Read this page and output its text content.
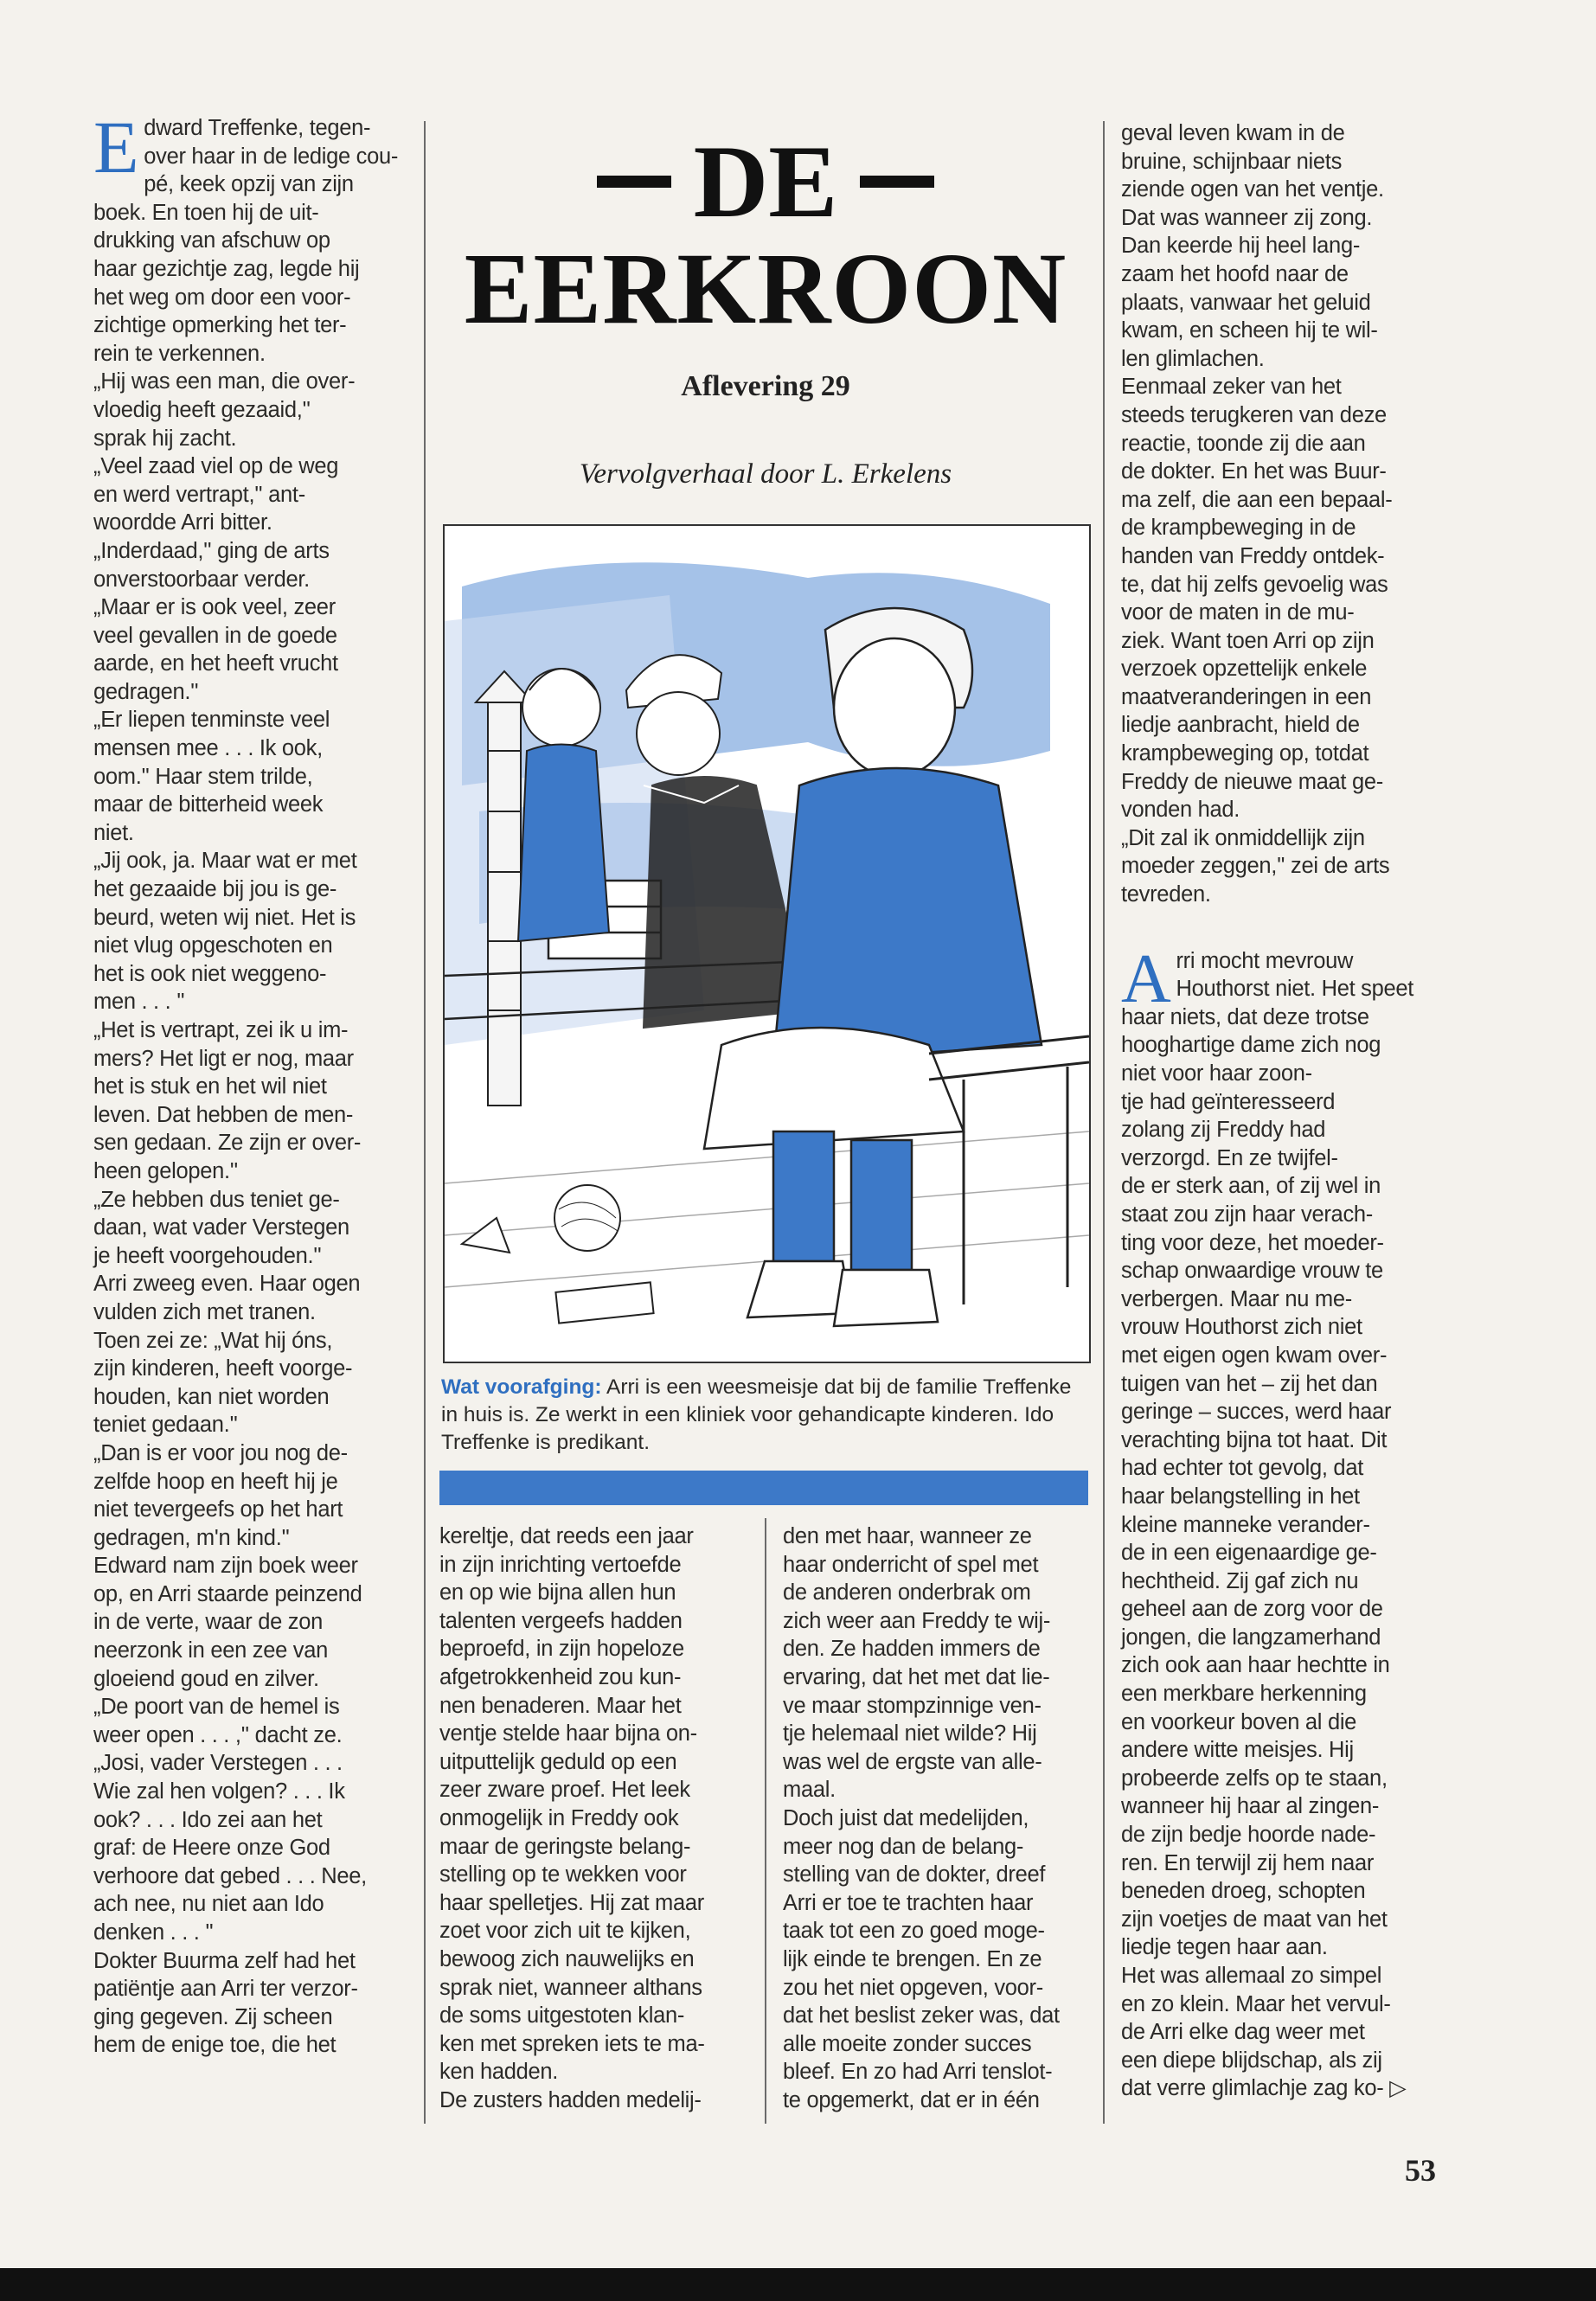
Edward Treffenke, tegen-
over haar in de ledige cou-
pé, keek opzij van zijn
boek. En toen hij de uit-
drukking van afschuw op
haar gezichtje zag, legde hij
het weg om door een voor-
zichtige opmerking het ter-
rein te verkennen.
„Hij was een man, die over-
vloedig heeft gezaaid,''
sprak hij zacht.
„Veel zaad viel op de weg
en werd vertrapt,'' ant-
woordde Arri bitter.
„Inderdaad,'' ging de arts
onverstoorbaar verder.
„Maar er is ook veel, zeer
veel gevallen in de goede
aarde, en het heeft vrucht
gedragen.''
„Er liepen tenminste veel
mensen mee . . . Ik ook,
oom.'' Haar stem trilde,
maar de bitterheid week
niet.
„Jij ook, ja. Maar wat er met
het gezaaide bij jou is ge-
beurd, weten wij niet. Het is
niet vlug opgeschoten en
het is ook niet weggeno-
men . . . ''
„Het is vertrapt, zei ik u im-
mers? Het ligt er nog, maar
het is stuk en het wil niet
leven. Dat hebben de men-
sen gedaan. Ze zijn er over-
heen gelopen.''
„Ze hebben dus teniet ge-
daan, wat vader Verstegen
je heeft voorgehouden.''
Arri zweeg even. Haar ogen
vulden zich met tranen.
Toen zei ze: „Wat hij óns,
zijn kinderen, heeft voorge-
houden, kan niet worden
teniet gedaan.''
„Dan is er voor jou nog de-
zelfde hoop en heeft hij je
niet tevergeefs op het hart
gedragen, m'n kind.''
Edward nam zijn boek weer
op, en Arri staarde peinzend
in de verte, waar de zon
neerzonk in een zee van
gloeiend goud en zilver.
„De poort van de hemel is
weer open . . . ,'' dacht ze.
„Josi, vader Verstegen . . .
Wie zal hen volgen? . . . Ik
ook? . . . Ido zei aan het
graf: de Heere onze God
verhoore dat gebed . . . Nee,
ach nee, nu niet aan Ido
denken . . . ''
Dokter Buurma zelf had het
patiëntje aan Arri ter verzor-
ging gegeven. Zij scheen
hem de enige toe, die het
DE
EERKROON
Aflevering 29
Vervolgverhaal door L. Erkelens
Wat voorafging: Arri is een weesmeisje dat bij de familie Treffenke in huis is. Ze werkt in een kliniek voor gehandicapte kinderen. Ido Treffenke is predikant.
kereltje, dat reeds een jaar
in zijn inrichting vertoefde
en op wie bijna allen hun
talenten vergeefs hadden
beproefd, in zijn hopeloze
afgetrokkenheid zou kun-
nen benaderen. Maar het
ventje stelde haar bijna on-
uitputtelijk geduld op een
zeer zware proef. Het leek
onmogelijk in Freddy ook
maar de geringste belang-
stelling op te wekken voor
haar spelletjes. Hij zat maar
zoet voor zich uit te kijken,
bewoog zich nauwelijks en
sprak niet, wanneer althans
de soms uitgestoten klan-
ken met spreken iets te ma-
ken hadden.
De zusters hadden medelij-
den met haar, wanneer ze
haar onderricht of spel met
de anderen onderbrak om
zich weer aan Freddy te wij-
den. Ze hadden immers de
ervaring, dat het met dat lie-
ve maar stompzinnige ven-
tje helemaal niet wilde? Hij
was wel de ergste van alle-
maal.
Doch juist dat medelijden,
meer nog dan de belang-
stelling van de dokter, dreef
Arri er toe te trachten haar
taak tot een zo goed moge-
lijk einde te brengen. En ze
zou het niet opgeven, voor-
dat het beslist zeker was, dat
alle moeite zonder succes
bleef. En zo had Arri tenslot-
te opgemerkt, dat er in één
geval leven kwam in de
bruine, schijnbaar niets
ziende ogen van het ventje.
Dat was wanneer zij zong.
Dan keerde hij heel lang-
zaam het hoofd naar de
plaats, vanwaar het geluid
kwam, en scheen hij te wil-
len glimlachen.
Eenmaal zeker van het
steeds terugkeren van deze
reactie, toonde zij die aan
de dokter. En het was Buur-
ma zelf, die aan een bepaal-
de krampbeweging in de
handen van Freddy ontdek-
te, dat hij zelfs gevoelig was
voor de maten in de mu-
ziek. Want toen Arri op zijn
verzoek opzettelijk enkele
maatveranderingen in een
liedje aanbracht, hield de
krampbeweging op, totdat
Freddy de nieuwe maat ge-
vonden had.
„Dit zal ik onmiddellijk zijn
moeder zeggen,'' zei de arts
tevreden.

A rri mocht mevrouw
Houthorst niet. Het speet
haar niets, dat deze trotse
hooghartige dame zich nog
niet voor haar zoon-
tje had geïnteresseerd
zolang zij Freddy had
verzorgd. En ze twijfel-
de er sterk aan, of zij wel in
staat zou zijn haar verach-
ting voor deze, het moeder-
schap onwaardige vrouw te
verbergen. Maar nu me-
vrouw Houthorst zich niet
met eigen ogen kwam over-
tuigen van het – zij het dan
geringe – succes, werd haar
verachting bijna tot haat. Dit
had echter tot gevolg, dat
haar belangstelling in het
kleine manneke verander-
de in een eigenaardige ge-
hechtheid. Zij gaf zich nu
geheel aan de zorg voor de
jongen, die langzamerhand
zich ook aan haar hechtte in
een merkbare herkenning
en voorkeur boven al die
andere witte meisjes. Hij
probeerde zelfs op te staan,
wanneer hij haar al zingen-
de zijn bedje hoorde nade-
ren. En terwijl zij hem naar
beneden droeg, schopten
zijn voetjes de maat van het
liedje tegen haar aan.
Het was allemaal zo simpel
en zo klein. Maar het vervul-
de Arri elke dag weer met
een diepe blijdschap, als zij
dat verre glimlachje zag ko- ▷
53
